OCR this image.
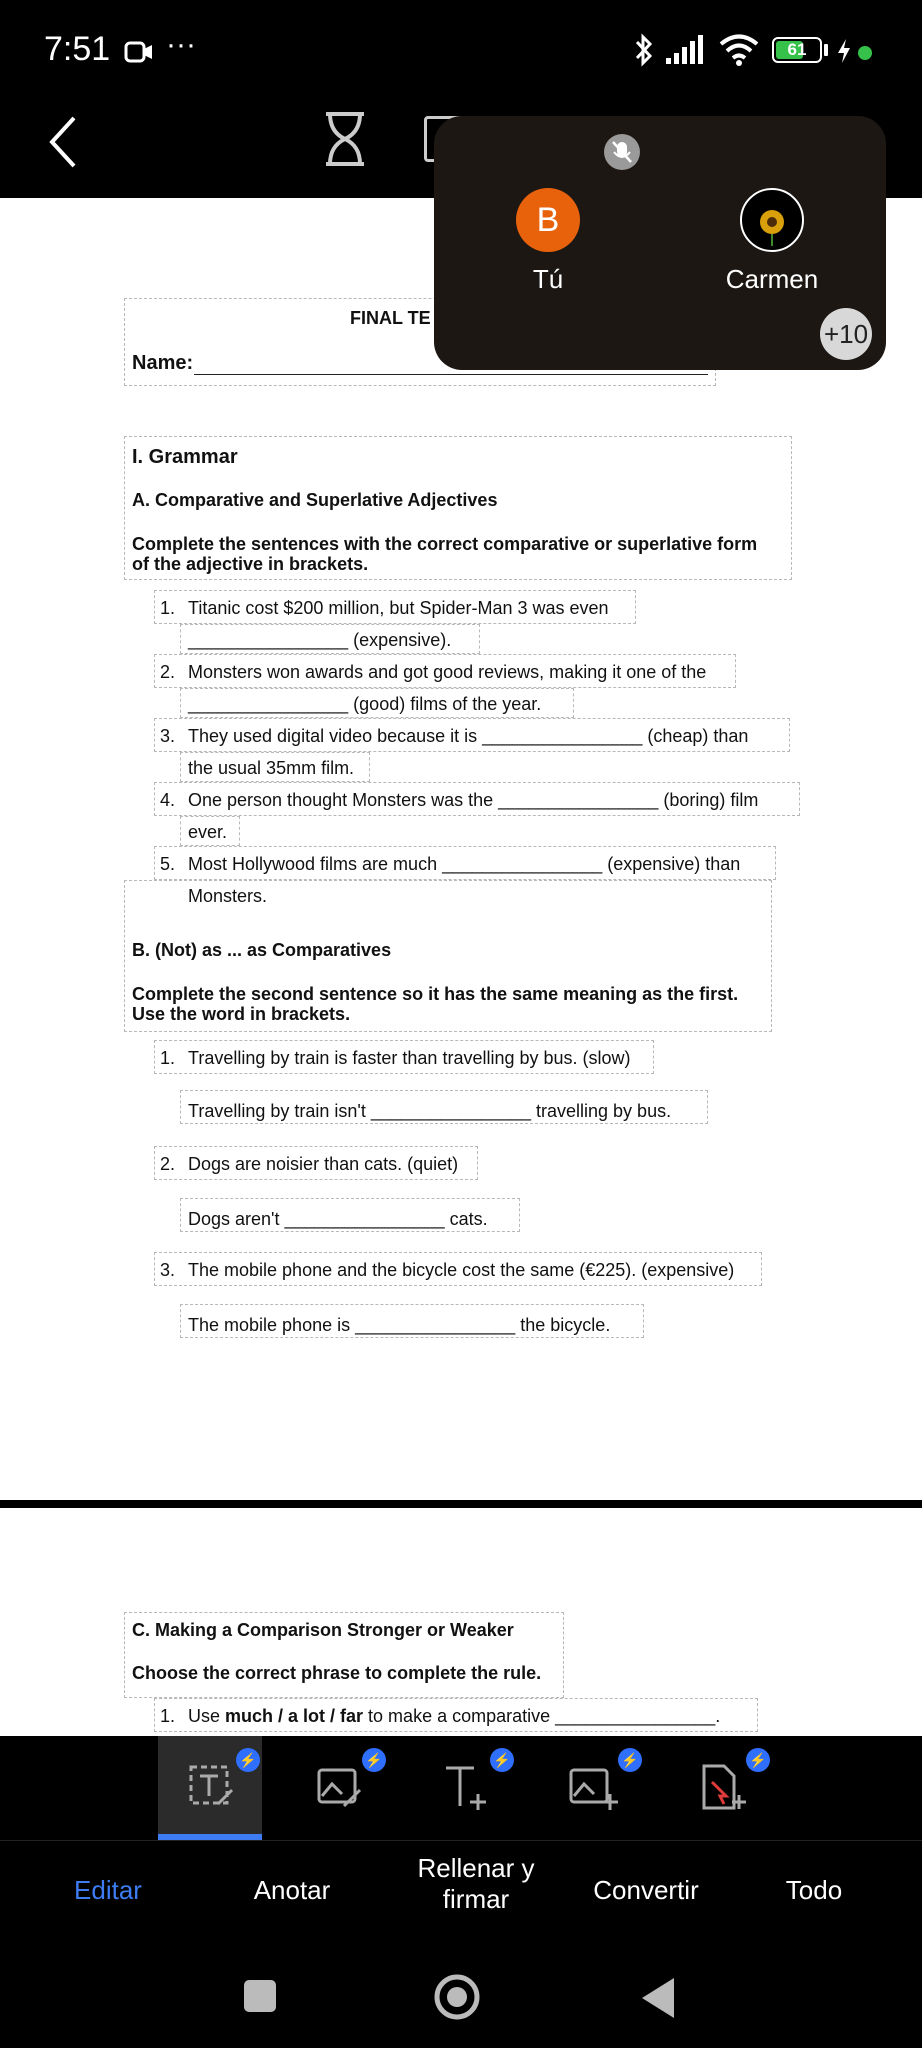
7:51 ···	61
FINAL TE
Name:
I. Grammar
A. Comparative and Superlative Adjectives
Complete the sentences with the correct comparative or superlative form
of the adjective in brackets.
1. Titanic cost $200 million, but Spider-Man 3 was even
________________ (expensive).
2. Monsters won awards and got good reviews, making it one of the
________________ (good) films of the year.
3. They used digital video because it is ________________ (cheap) than
the usual 35mm film.
4. One person thought Monsters was the ________________ (boring) film
ever.
5. Most Hollywood films are much ________________ (expensive) than
Monsters.
B. (Not) as ... as Comparatives
Complete the second sentence so it has the same meaning as the first.
Use the word in brackets.
1. Travelling by train is faster than travelling by bus. (slow)
Travelling by train isn't ________________ travelling by bus.
2. Dogs are noisier than cats. (quiet)
Dogs aren't ________________ cats.
3. The mobile phone and the bicycle cost the same (€225). (expensive)
The mobile phone is ________________ the bicycle.
C. Making a Comparison Stronger or Weaker
Choose the correct phrase to complete the rule.
1. Use much / a lot / far to make a comparative ________________.
B
Tú	Carmen
+10
⚡	⚡	⚡	⚡	⚡
Editar	Anotar
Rellenar y
firmar	Convertir	Todo
